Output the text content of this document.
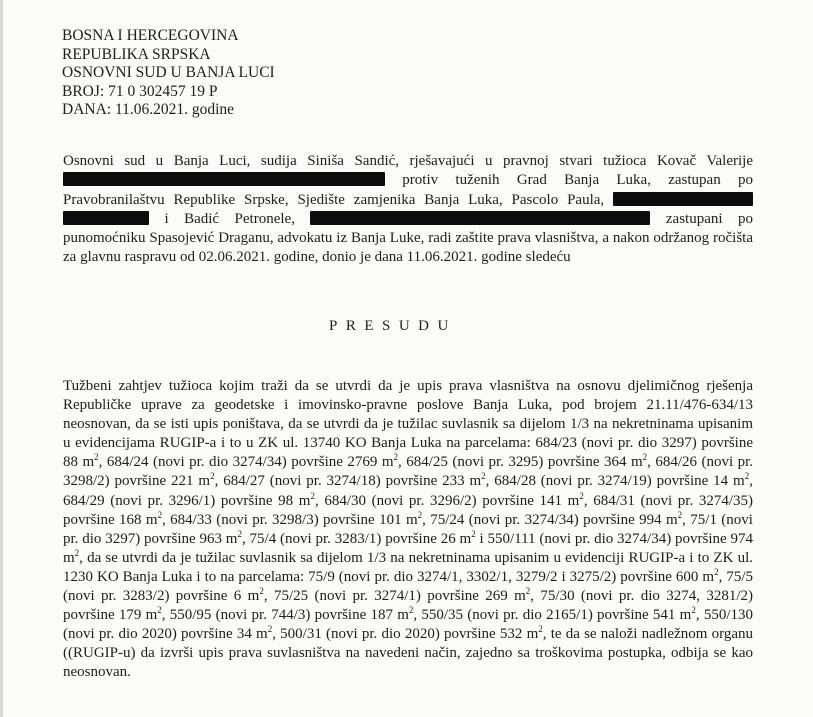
BOSNA I HERCEGOVINA
REPUBLIKA SRPSKA
OSNOVNI SUD U BANJA LUCI
BROJ: 71 0 302457 19 P
DANA: 11.06.2021. godine
Osnovni sud u Banja Luci, sudija Siniša Sandić, rješavajući u pravnoj stvari tužioca Kovač Valerije  protiv tuženih Grad Banja Luka, zastupan po Pravobranilaštvu Republike Srpske, Sjedište zamjenika Banja Luka, Pascolo Paula,   i Badić Petronele,	zastupani po punomoćniku Spasojević Draganu, advokatu iz Banja Luke, radi zaštite prava vlasništva, a nakon održanog ročišta za glavnu raspravu od 02.06.2021. godine, donio je dana 11.06.2021. godine sledeću
PRESUDU
Tužbeni zahtjev tužioca kojim traži da se utvrdi da je upis prava vlasništva na osnovu djelimičnog rješenja Republičke uprave za geodetske i imovinsko-pravne poslove Banja Luka, pod brojem 21.11/476-634/13 neosnovan, da se isti upis poništava, da se utvrdi da je tužilac suvlasnik sa dijelom 1/3 na nekretninama upisanim u evidencijama RUGIP-a i to u ZK ul. 13740 KO Banja Luka na parcelama: 684/23 (novi pr. dio 3297) površine 88 $m^2$, 684/24 (novi pr. dio 3274/34) površine 2769 $m^2$, 684/25 (novi pr. 3295) površine 364 $m^2$, 684/26 (novi pr. 3298/2) površine 221 $m^2$, 684/27 (novi pr. 3274/18) površine 233 $m^2$, 684/28 (novi pr. 3274/19) površine 14 $m^2$, 684/29 (novi pr. 3296/1) površine 98 $m^2$, 684/30 (novi pr. 3296/2) površine 141 $m^2$, 684/31 (novi pr. 3274/35) površine 168 $m^2$, 684/33 (novi pr. 3298/3) površine 101 $m^2$, 75/24 (novi pr. 3274/34) površine 994 $m^2$, 75/1 (novi pr. dio 3297) površine 963 $m^2$, 75/4 (novi pr. 3283/1) površine 26 $m^2$ i 550/111 (novi pr. dio 3274/34) površine 974 $m^2$, da se utvrdi da je tužilac suvlasnik sa dijelom 1/3 na nekretninama upisanim u evidenciji RUGIP-a i to ZK ul. 1230 KO Banja Luka i to na parcelama: 75/9 (novi pr. dio 3274/1, 3302/1, 3279/2 i 3275/2) površine 600 $m^2$, 75/5 (novi pr. 3283/2) površine 6 $m^2$, 75/25 (novi pr. 3274/1) površine 269 $m^2$, 75/30 (novi pr. dio 3274, 3281/2) površine 179 $m^2$, 550/95 (novi pr. 744/3) površine 187 $m^2$, 550/35 (novi pr. dio 2165/1) površine 541 $m^2$, 550/130 (novi pr. dio 2020) površine 34 $m^2$, 500/31 (novi pr. dio 2020) površine 532 $m^2$, te da se naloži nadležnom organu ((RUGIP-u) da izvrši upis prava suvlasništva na navedeni način, zajedno sa troškovima postupka, odbija se kao neosnovan.
